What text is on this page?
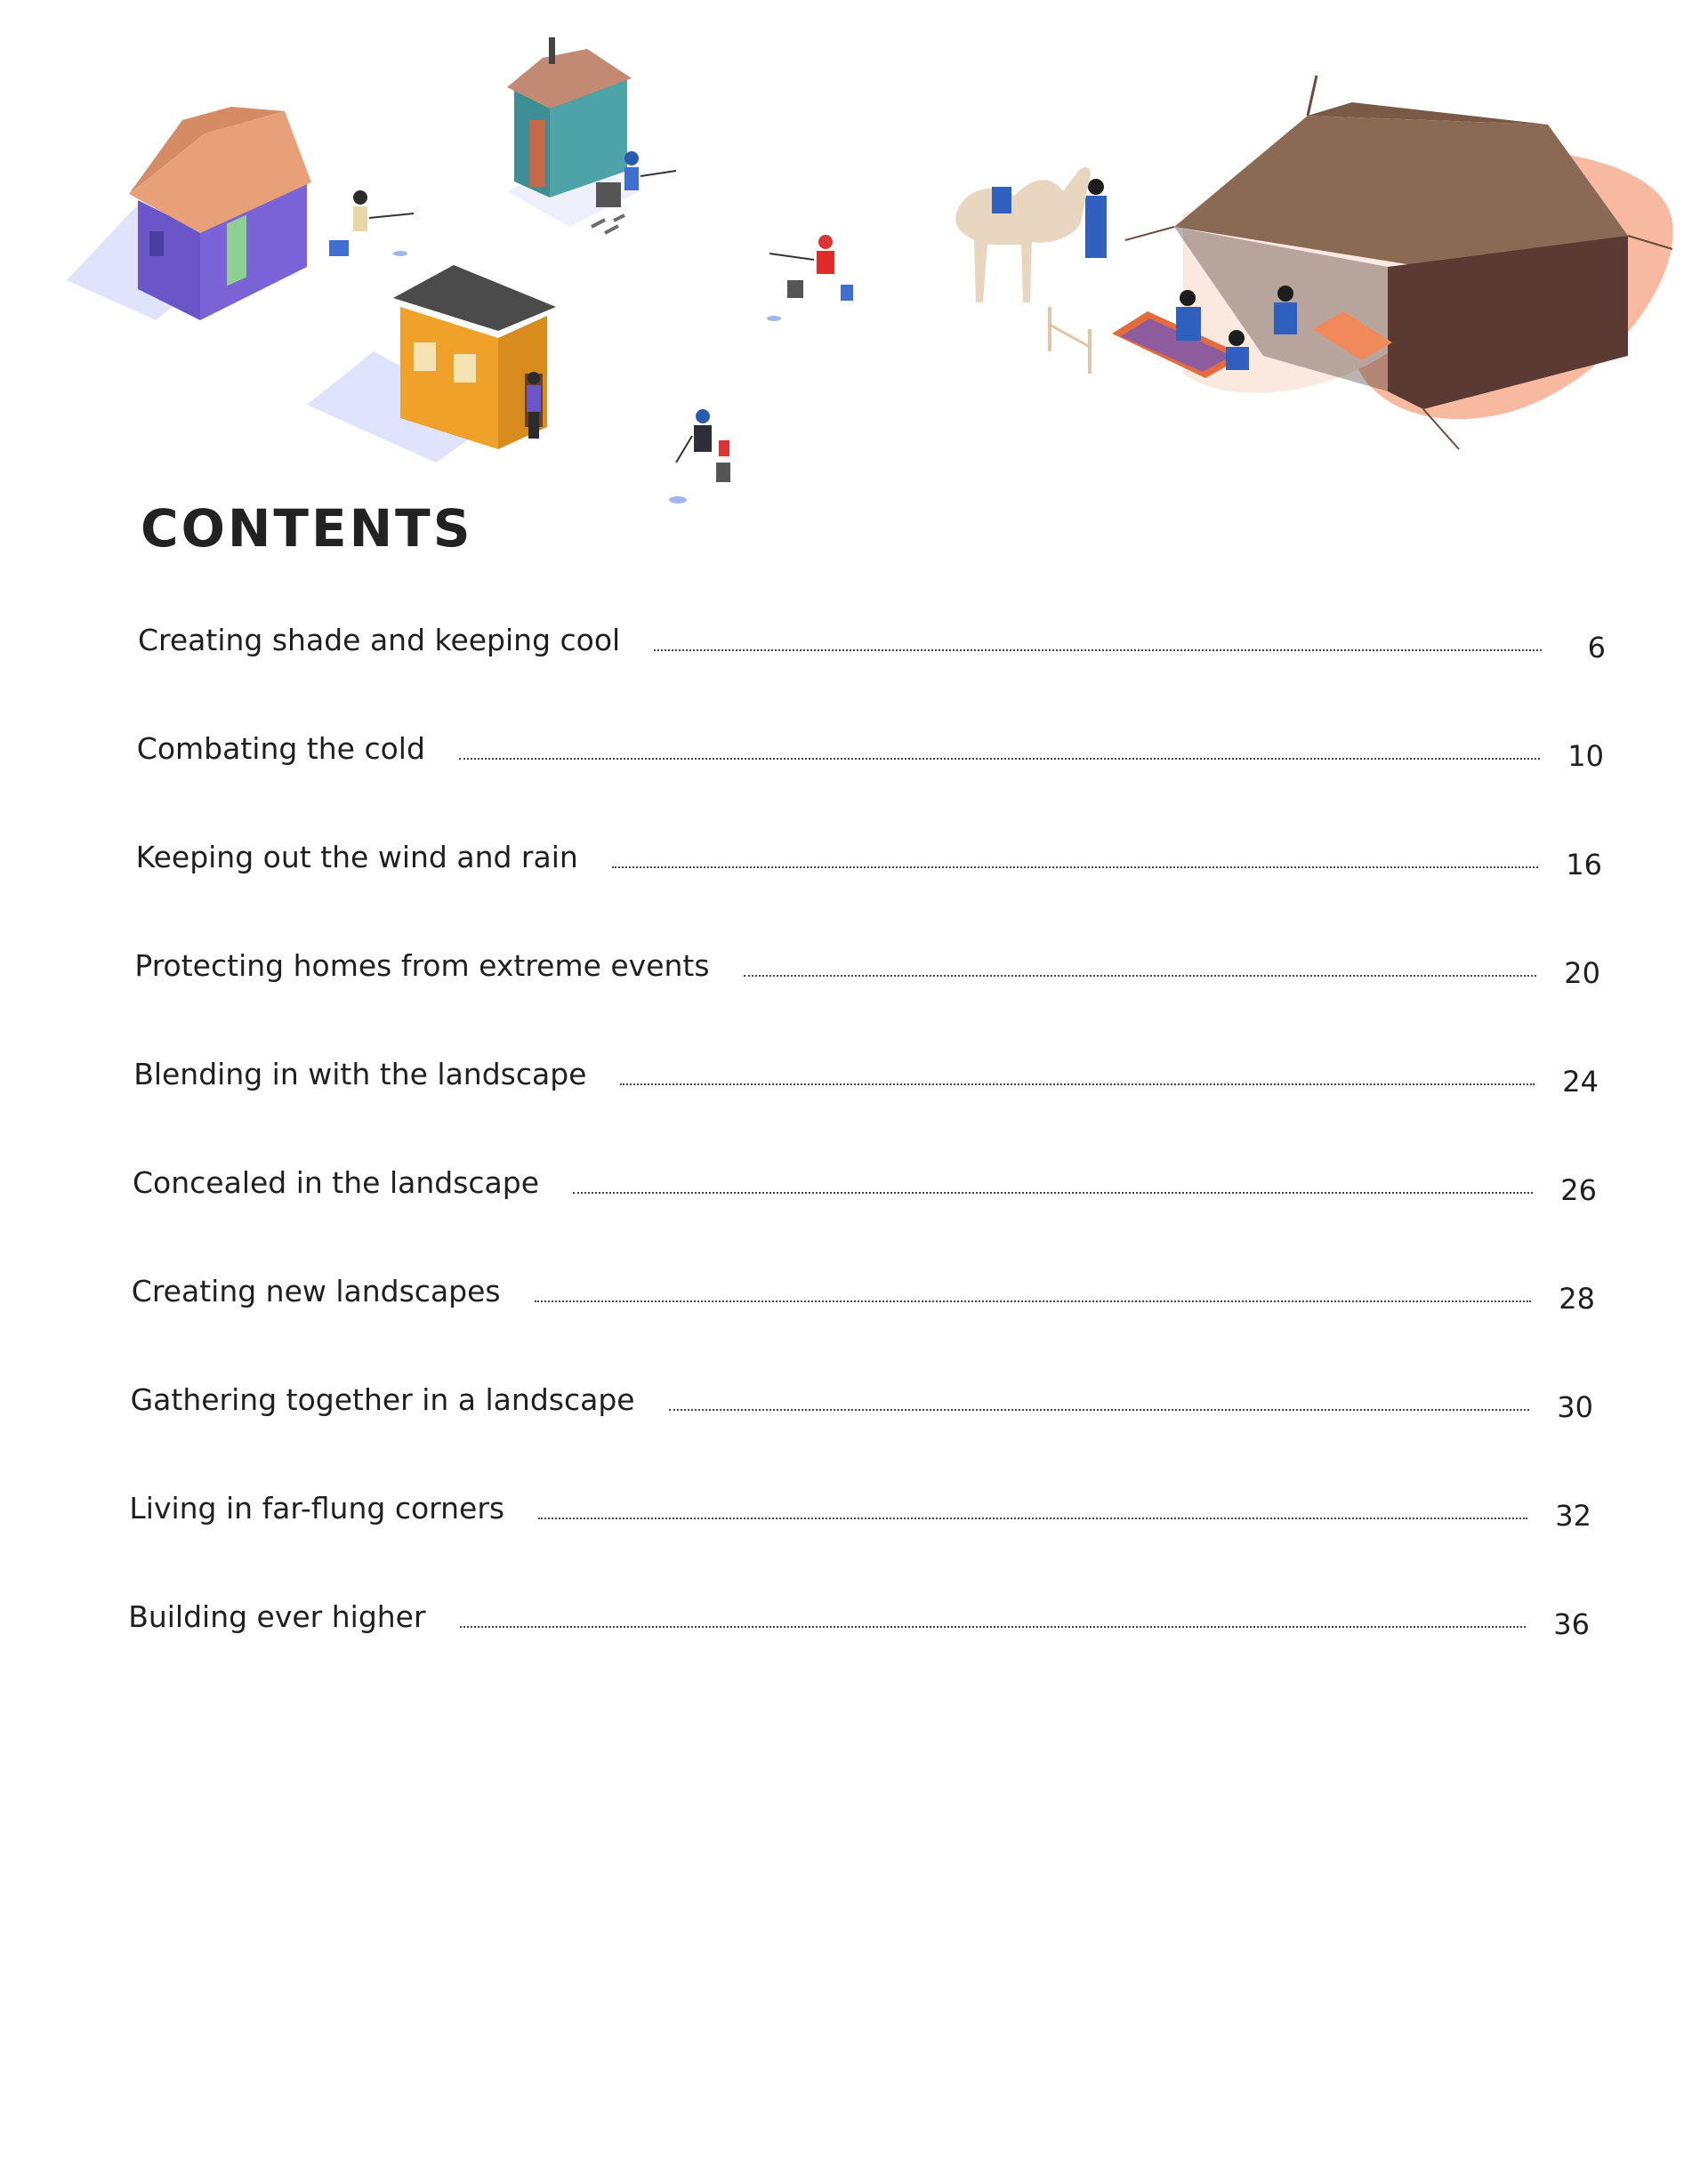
CONTENTS
Creating shade and keeping cool	6
Combating the cold	10
Keeping out the wind and rain	16
Protecting homes from extreme events	20
Blending in with the landscape	24
Concealed in the landscape	26
Creating new landscapes	28
Gathering together in a landscape	30
Living in far-flung corners	32
Building ever higher	36
